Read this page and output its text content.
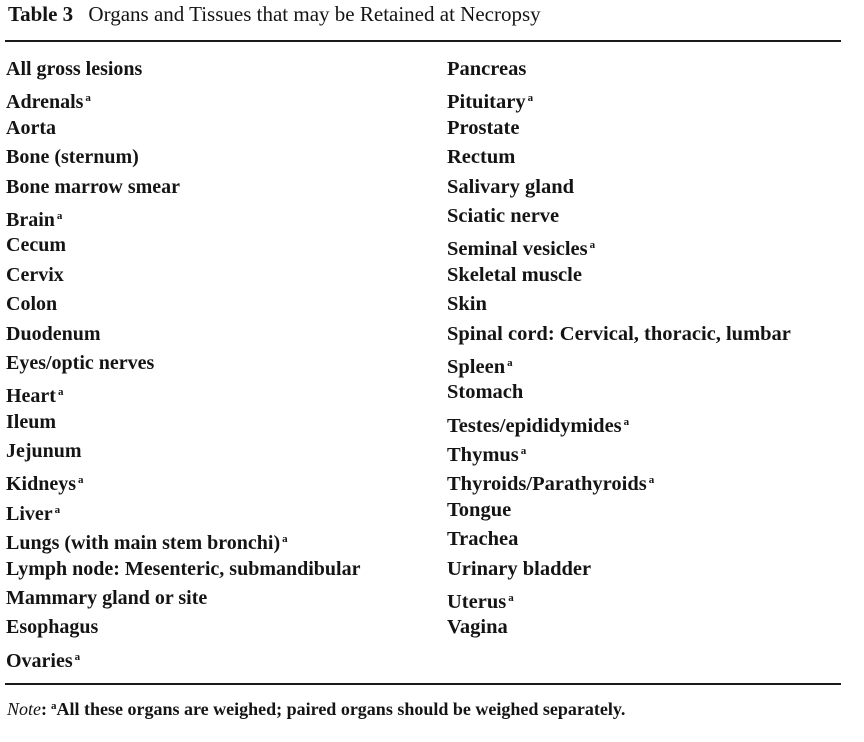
Table 3 Organs and Tissues that may be Retained at Necropsy
All gross lesions
Adrenals $^a$
Aorta
Bone (sternum)
Bone marrow smear
Brain $^a$
Cecum
Cervix
Colon
Duodenum
Eyes/optic nerves
Heart $^a$
Ileum
Jejunum
Kidneys $^a$
Liver $^a$
Lungs (with main stem bronchi) $^a$
Lymph node: Mesenteric, submandibular
Mammary gland or site
Esophagus
Ovaries $^a$
Pancreas
Pituitary $^a$
Prostate
Rectum
Salivary gland
Sciatic nerve
Seminal vesicles $^a$
Skeletal muscle
Skin
Spinal cord: Cervical, thoracic, lumbar
Spleen $^a$
Stomach
Testes/epididymides $^a$
Thymus $^a$
Thyroids/Parathyroids $^a$
Tongue
Trachea
Urinary bladder
Uterus $^a$
Vagina
Note: $^a$All these organs are weighed; paired organs should be weighed separately.
